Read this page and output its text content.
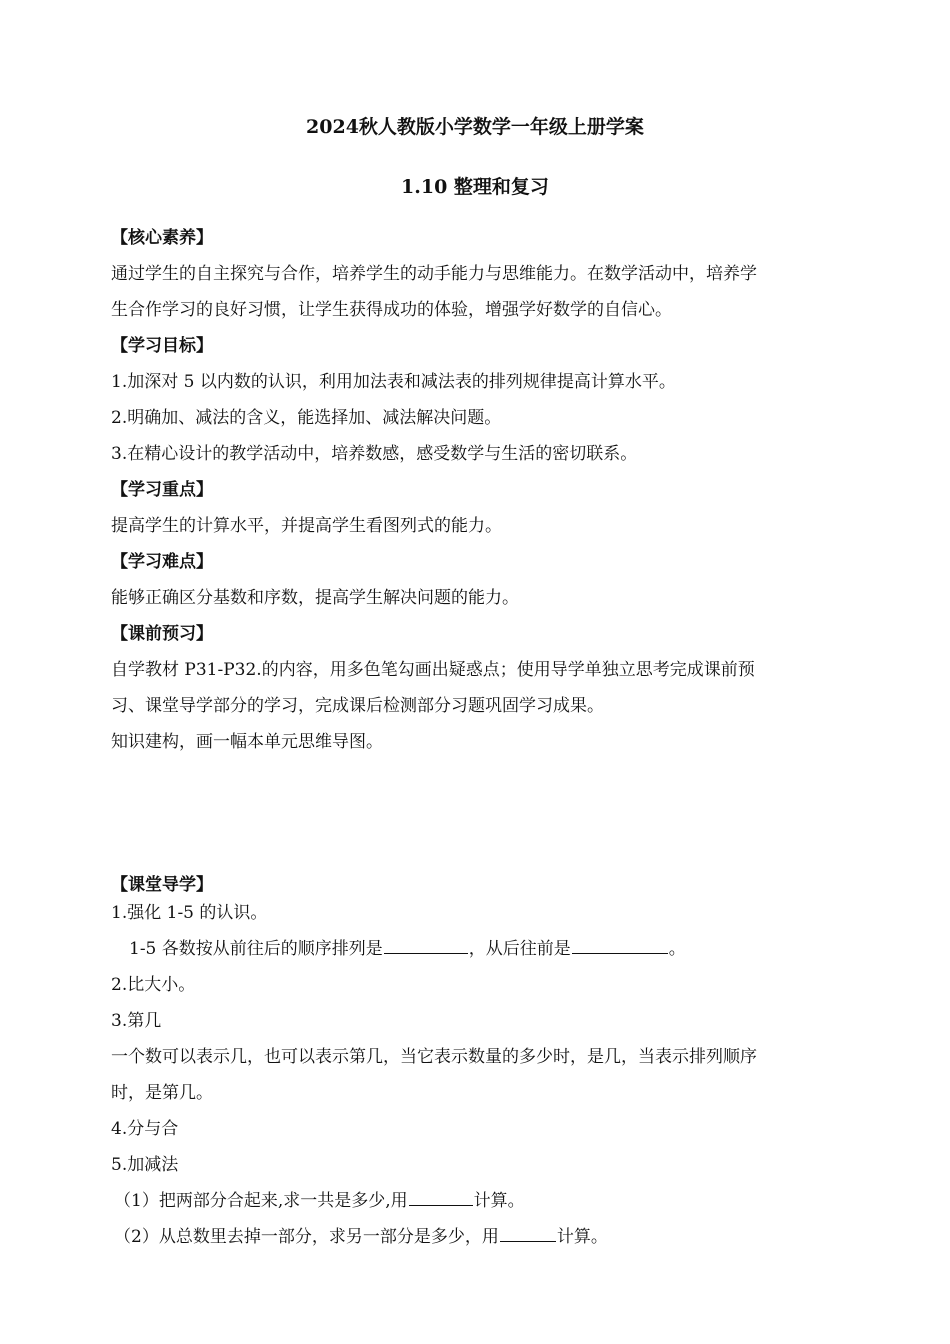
2024秋人教版小学数学一年级上册学案
1.10 整理和复习
【核心素养】
通过学生的自主探究与合作，培养学生的动手能力与思维能力。在数学活动中，培养学
生合作学习的良好习惯，让学生获得成功的体验，增强学好数学的自信心。
【学习目标】
1.加深对 5 以内数的认识，利用加法表和减法表的排列规律提高计算水平。
2.明确加、减法的含义，能选择加、减法解决问题。
3.在精心设计的教学活动中，培养数感，感受数学与生活的密切联系。
【学习重点】
提高学生的计算水平，并提高学生看图列式的能力。
【学习难点】
能够正确区分基数和序数，提高学生解决问题的能力。
【课前预习】
自学教材 P31-P32.的内容，用多色笔勾画出疑惑点；使用导学单独立思考完成课前预
习、课堂导学部分的学习，完成课后检测部分习题巩固学习成果。
知识建构，画一幅本单元思维导图。
【课堂导学】
1.强化 1-5 的认识。
1-5 各数按从前往后的顺序排列是	，从后往前是	。
2.比大小。
3.第几
一个数可以表示几，也可以表示第几，当它表示数量的多少时，是几，当表示排列顺序
时，是第几。
4.分与合
5.加减法
（1）把两部分合起来,求一共是多少,用	计算。
（2）从总数里去掉一部分，求另一部分是多少，用	计算。
